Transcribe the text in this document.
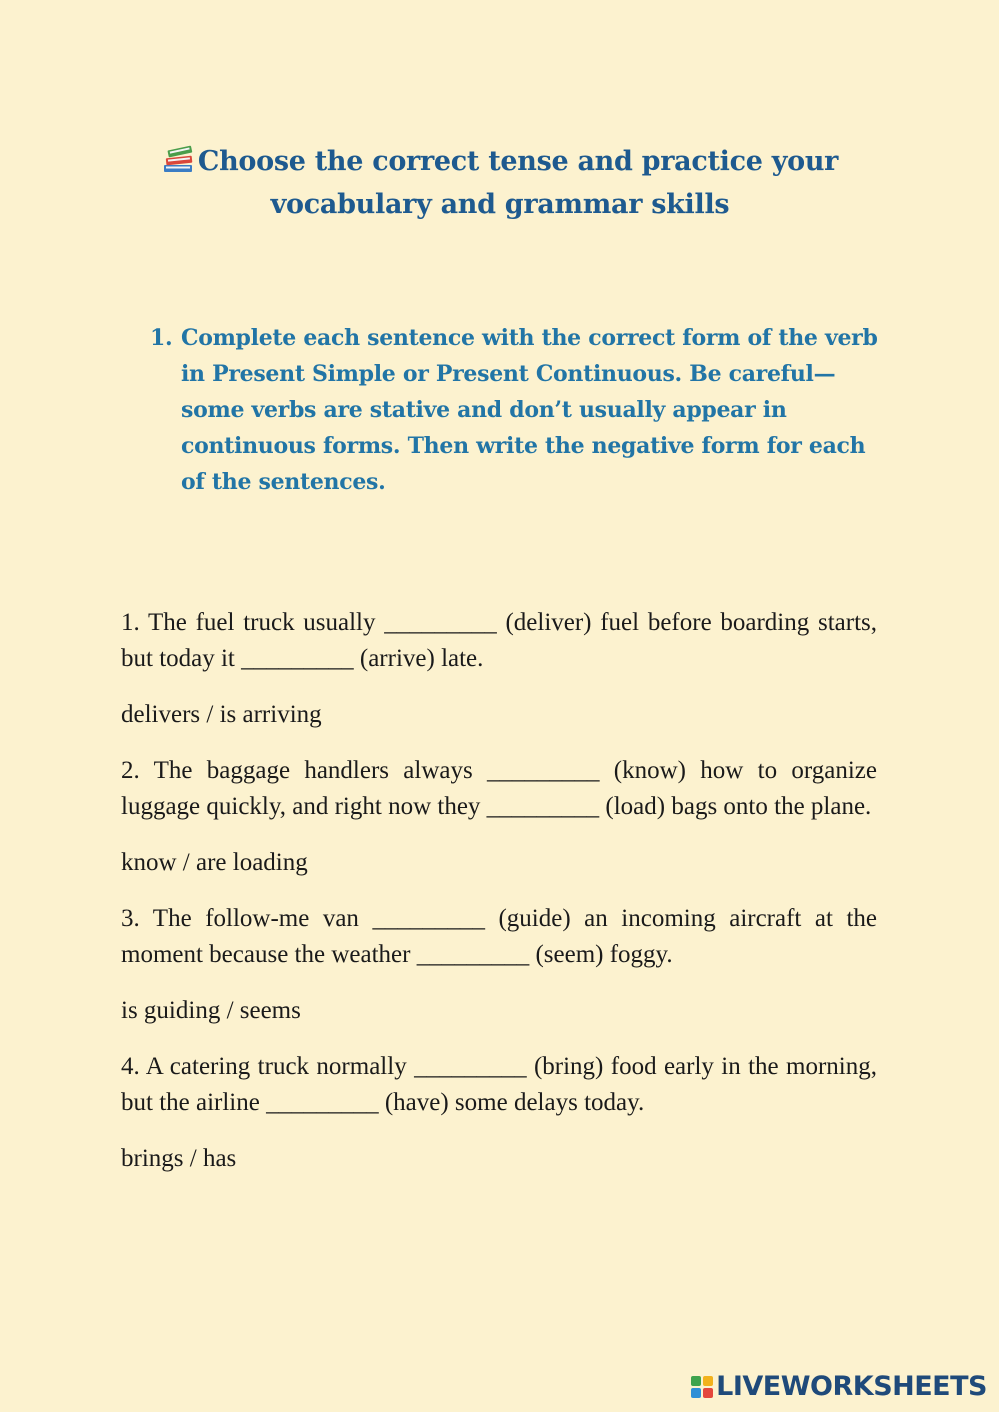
Choose the correct tense and practice your
vocabulary and grammar skills
1. Complete each sentence with the correct form of the verb in Present Simple or Present Continuous. Be careful—some verbs are stative and don’t usually appear in continuous forms. Then write the negative form for each of the sentences.

1. The fuel truck usually _________ (deliver) fuel before boarding starts, but today it _________ (arrive) late.

delivers / is arriving

2. The baggage handlers always _________ (know) how to organize luggage quickly, and right now they _________ (load) bags onto the plane.

know / are loading

3. The follow-me van _________ (guide) an incoming aircraft at the moment because the weather _________ (seem) foggy.

is guiding / seems

4. A catering truck normally _________ (bring) food early in the morning, but the airline _________ (have) some delays today.

brings / has

LIVEWORKSHEETS
